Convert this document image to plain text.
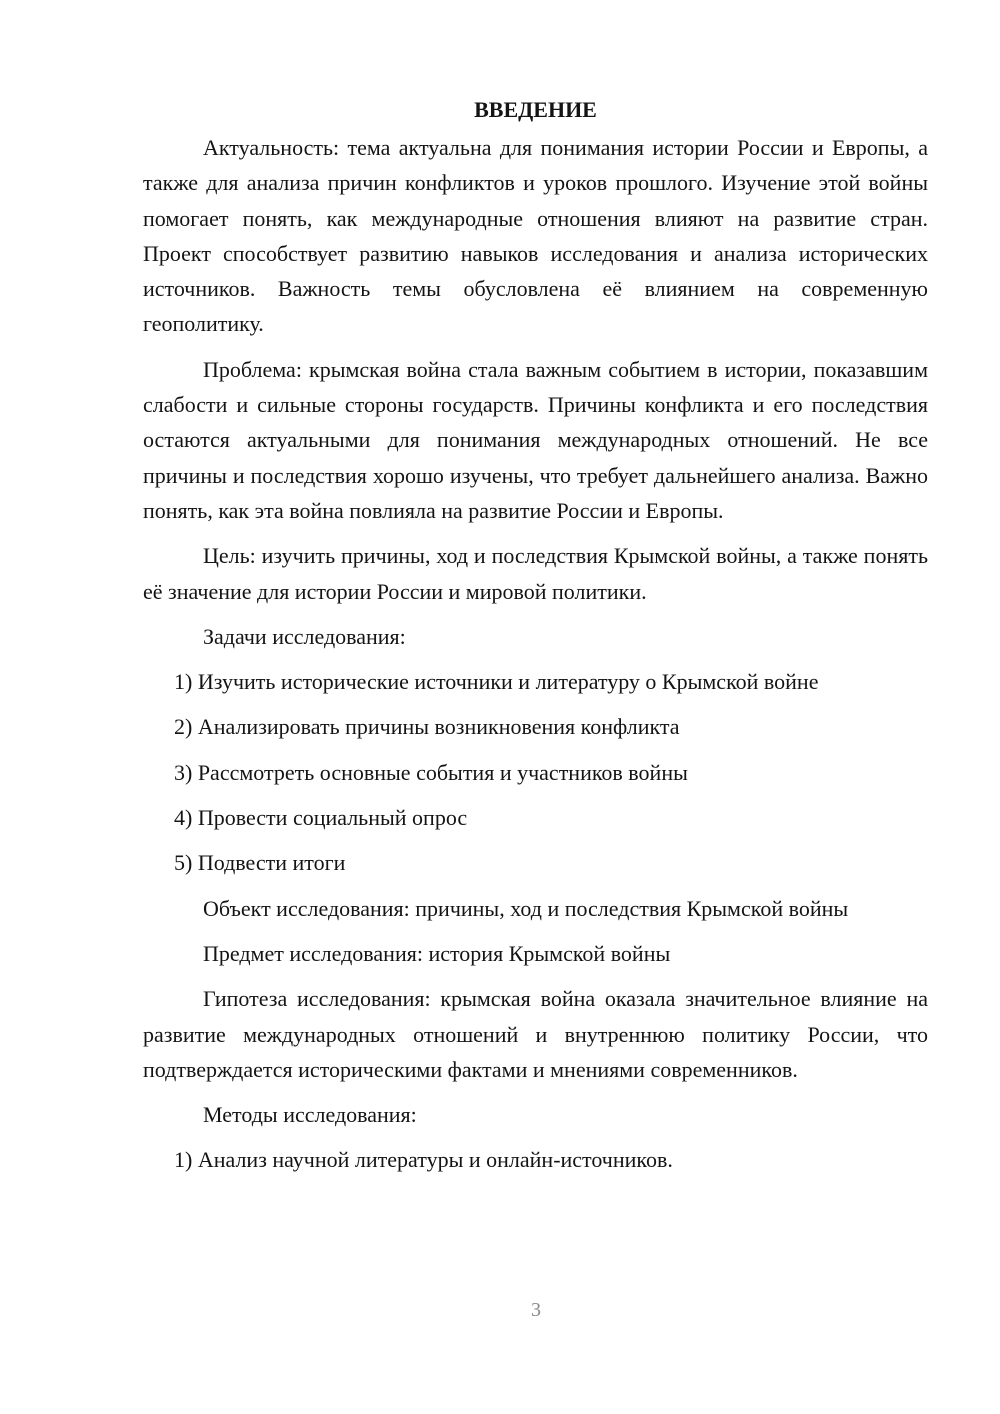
ВВЕДЕНИЕ

Актуальность: тема актуальна для понимания истории России и Европы, а также для анализа причин конфликтов и уроков прошлого. Изучение этой войны помогает понять, как международные отношения влияют на развитие стран. Проект способствует развитию навыков исследования и анализа исторических источников. Важность темы обусловлена её влиянием на современную геополитику.

Проблема: крымская война стала важным событием в истории, показавшим слабости и сильные стороны государств. Причины конфликта и его последствия остаются актуальными для понимания международных отношений. Не все причины и последствия хорошо изучены, что требует дальнейшего анализа. Важно понять, как эта война повлияла на развитие России и Европы.

Цель: изучить причины, ход и последствия Крымской войны, а также понять её значение для истории России и мировой политики.

Задачи исследования:
1) Изучить исторические источники и литературу о Крымской войне
2) Анализировать причины возникновения конфликта
3) Рассмотреть основные события и участников войны
4) Провести социальный опрос
5) Подвести итоги

Объект исследования: причины, ход и последствия Крымской войны

Предмет исследования: история Крымской войны

Гипотеза исследования: крымская война оказала значительное влияние на развитие международных отношений и внутреннюю политику России, что подтверждается историческими фактами и мнениями современников.

Методы исследования:
1) Анализ научной литературы и онлайн-источников.
3
